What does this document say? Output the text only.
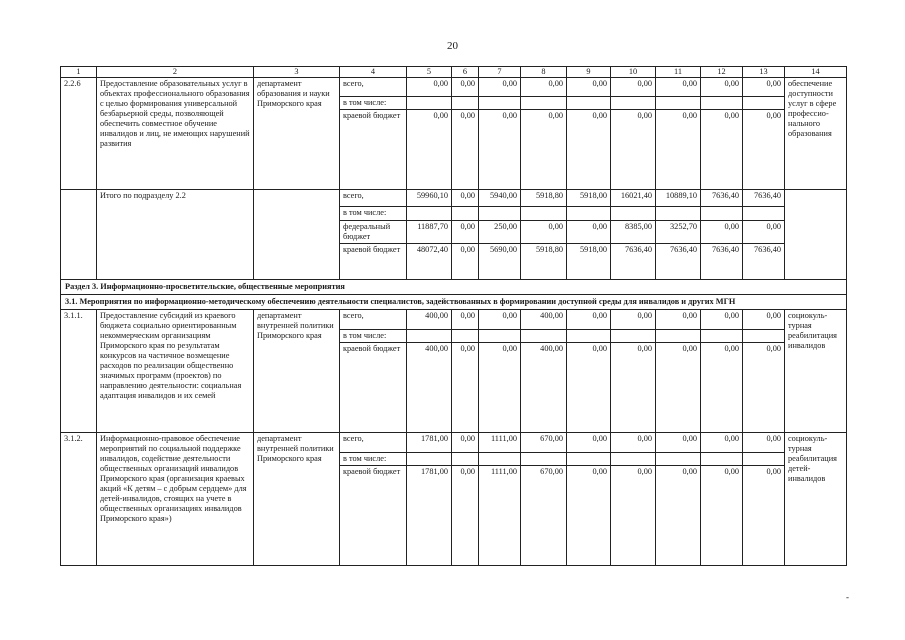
20
1	2	3	4	5	6	7	8	9	10	11	12	13	14
2.2.6	Предоставление образовательных услуг в объектах профессионального образования с целью формирования универсальной безбарьерной среды, позволяющей обеспечить совместное обучение инвалидов и лиц, не имеющих нарушений развития	департамент образования и науки Приморского края	всего,	0,00	0,00	0,00	0,00	0,00	0,00	0,00	0,00	0,00	обеспечение доступности услуг в сфере профессио-нального образования
			в том числе:										
			краевой бюджет	0,00	0,00	0,00	0,00	0,00	0,00	0,00	0,00	0,00	
	Итого по подразделу 2.2		всего,	59960,10	0,00	5940,00	5918,80	5918,00	16021,40	10889,10	7636,40	7636,40	
			в том числе:										
			федеральный бюджет	11887,70	0,00	250,00	0,00	0,00	8385,00	3252,70	0,00	0,00	
			краевой бюджет	48072,40	0,00	5690,00	5918,80	5918,00	7636,40	7636,40	7636,40	7636,40	
Раздел 3. Информационно-просветительские, общественные мероприятия													
3.1. Мероприятия по информационно-методическому обеспечению деятельности специалистов, задействованных в формировании доступной среды для инвалидов и других МГН													
3.1.1.	Предоставление субсидий из краевого бюджета социально ориентированным некоммерческим организациям Приморского края по результатам конкурсов на частичное возмещение расходов по реализации общественно значимых программ (проектов) по направлению деятельности: социальная адаптация инвалидов и их семей	департамент внутренней политики Приморского края	всего,	400,00	0,00	0,00	400,00	0,00	0,00	0,00	0,00	0,00	социокуль-турная реабилитация инвалидов
			в том числе:										
			краевой бюджет	400,00	0,00	0,00	400,00	0,00	0,00	0,00	0,00	0,00	
3.1.2.	Информационно-правовое обеспечение мероприятий по социальной поддержке инвалидов, содействие деятельности общественных организаций инвалидов Приморского края (организация краевых акций «К детям – с добрым сердцем» для детей-инвалидов, стоящих на учете в общественных организациях инвалидов Приморского края»)	департамент внутренней политики Приморского края	всего,	1781,00	0,00	1111,00	670,00	0,00	0,00	0,00	0,00	0,00	социокуль-турная реабилитация детей-инвалидов
			в том числе:										
			краевой бюджет	1781,00	0,00	1111,00	670,00	0,00	0,00	0,00	0,00	0,00	
-
